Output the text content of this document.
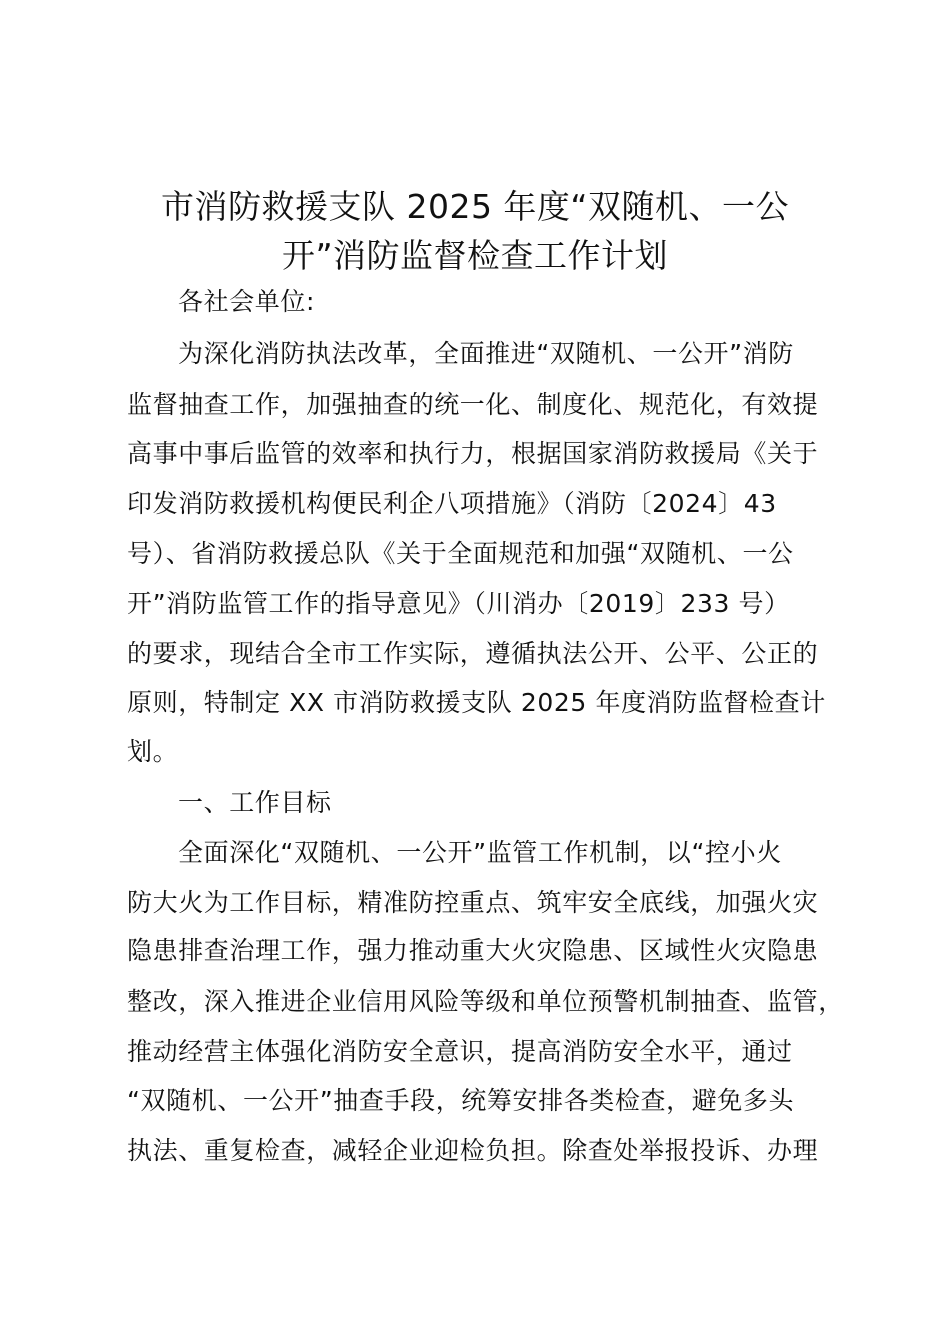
市消防救援支队 2025 年度“双随机、一公
开”消防监督检查工作计划
各社会单位:
为深化消防执法改革，全面推进“双随机、一公开”消防
监督抽查工作，加强抽查的统一化、制度化、规范化，有效提
高事中事后监管的效率和执行力，根据国家消防救援局《关于
印发消防救援机构便民利企八项措施》（消防〔2024〕43
号）、省消防救援总队《关于全面规范和加强“双随机、一公
开”消防监管工作的指导意见》（川消办〔2019〕233 号）
的要求，现结合全市工作实际，遵循执法公开、公平、公正的
原则，特制定 XX 市消防救援支队 2025 年度消防监督检查计
划。
一、工作目标
全面深化“双随机、一公开”监管工作机制，以“控小火
防大火为工作目标，精准防控重点、筑牢安全底线，加强火灾
隐患排查治理工作，强力推动重大火灾隐患、区域性火灾隐患
整改，深入推进企业信用风险等级和单位预警机制抽查、监管，
推动经营主体强化消防安全意识，提高消防安全水平，通过
“双随机、一公开”抽查手段，统筹安排各类检查，避免多头
执法、重复检查，减轻企业迎检负担。除查处举报投诉、办理
